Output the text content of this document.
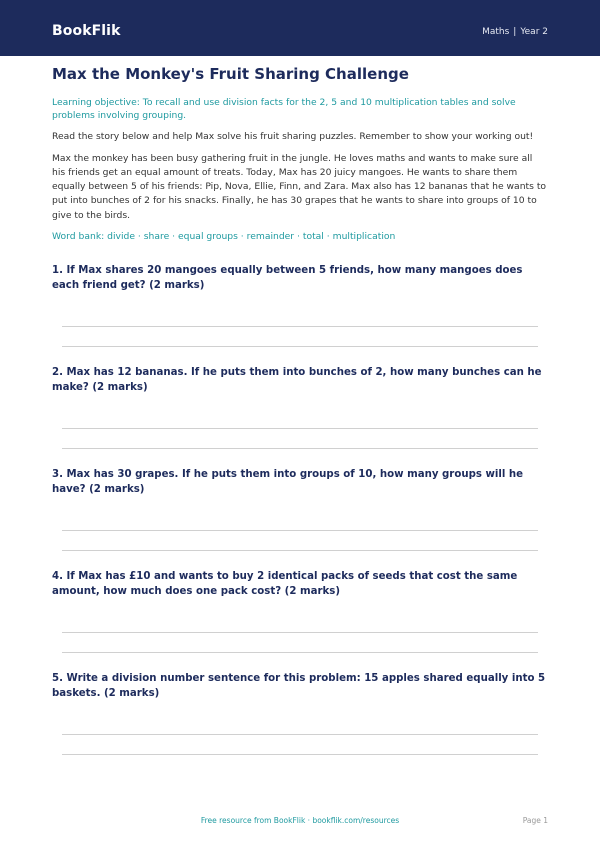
BookFlik	Maths | Year 2
Max the Monkey's Fruit Sharing Challenge
Learning objective: To recall and use division facts for the 2, 5 and 10 multiplication tables and solve problems involving grouping.
Read the story below and help Max solve his fruit sharing puzzles. Remember to show your working out!
Max the monkey has been busy gathering fruit in the jungle. He loves maths and wants to make sure all his friends get an equal amount of treats. Today, Max has 20 juicy mangoes. He wants to share them equally between 5 of his friends: Pip, Nova, Ellie, Finn, and Zara. Max also has 12 bananas that he wants to put into bunches of 2 for his snacks. Finally, he has 30 grapes that he wants to share into groups of 10 to give to the birds.
Word bank: divide · share · equal groups · remainder · total · multiplication

1. If Max shares 20 mangoes equally between 5 friends, how many mangoes does each friend get? (2 marks)

2. Max has 12 bananas. If he puts them into bunches of 2, how many bunches can he make? (2 marks)

3. Max has 30 grapes. If he puts them into groups of 10, how many groups will he have? (2 marks)

4. If Max has £10 and wants to buy 2 identical packs of seeds that cost the same amount, how much does one pack cost? (2 marks)

5. Write a division number sentence for this problem: 15 apples shared equally into 5 baskets. (2 marks)

Free resource from BookFlik · bookflik.com/resources	Page 1
